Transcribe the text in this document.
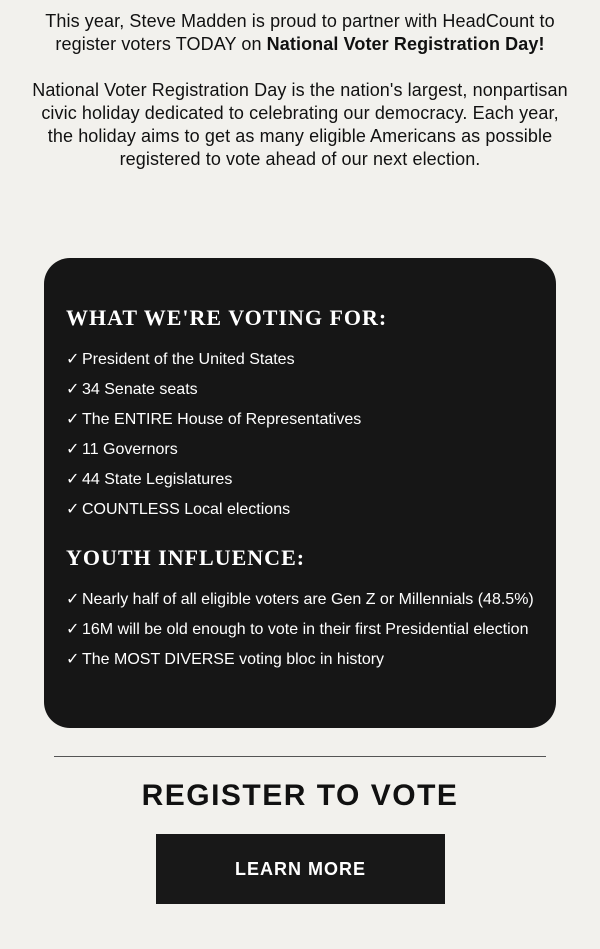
This year, Steve Madden is proud to partner with HeadCount to register voters TODAY on National Voter Registration Day!

National Voter Registration Day is the nation's largest, nonpartisan civic holiday dedicated to celebrating our democracy. Each year, the holiday aims to get as many eligible Americans as possible registered to vote ahead of our next election.

WHAT WE'RE VOTING FOR:
✓ President of the United States
✓ 34 Senate seats
✓ The ENTIRE House of Representatives
✓ 11 Governors
✓ 44 State Legislatures
✓ COUNTLESS Local elections
YOUTH INFLUENCE:
✓ Nearly half of all eligible voters are Gen Z or Millennials (48.5%)
✓ 16M will be old enough to vote in their first Presidential election
✓ The MOST DIVERSE voting bloc in history
REGISTER TO VOTE
LEARN MORE
